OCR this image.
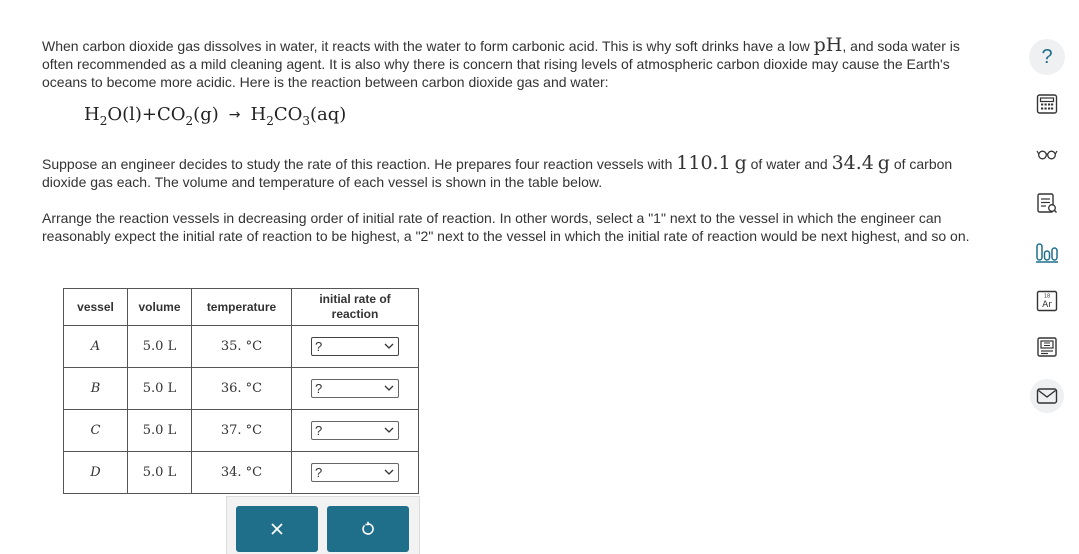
When carbon dioxide gas dissolves in water, it reacts with the water to form carbonic acid. This is why soft drinks have a low pH, and soda water is often recommended as a mild cleaning agent. It is also why there is concern that rising levels of atmospheric carbon dioxide may cause the Earth's oceans to become more acidic. Here is the reaction between carbon dioxide gas and water:
$H_2O(l)+CO_2(g) \to H_2CO_3(aq)$
Suppose an engineer decides to study the rate of this reaction. He prepares four reaction vessels with 110.1 g of water and 34.4 g of carbon dioxide gas each. The volume and temperature of each vessel is shown in the table below.
Arrange the reaction vessels in decreasing order of initial rate of reaction. In other words, select a "1" next to the vessel in which the engineer can reasonably expect the initial rate of reaction to be highest, a "2" next to the vessel in which the initial rate of reaction would be next highest, and so on.
vessel	volume	temperature	initial rate of
reaction
A	5.0 L	35. °C	?

B	5.0 L	36. °C	?

C	5.0 L	37. °C	?

D	5.0 L	34. °C	?
?
18
Ar
